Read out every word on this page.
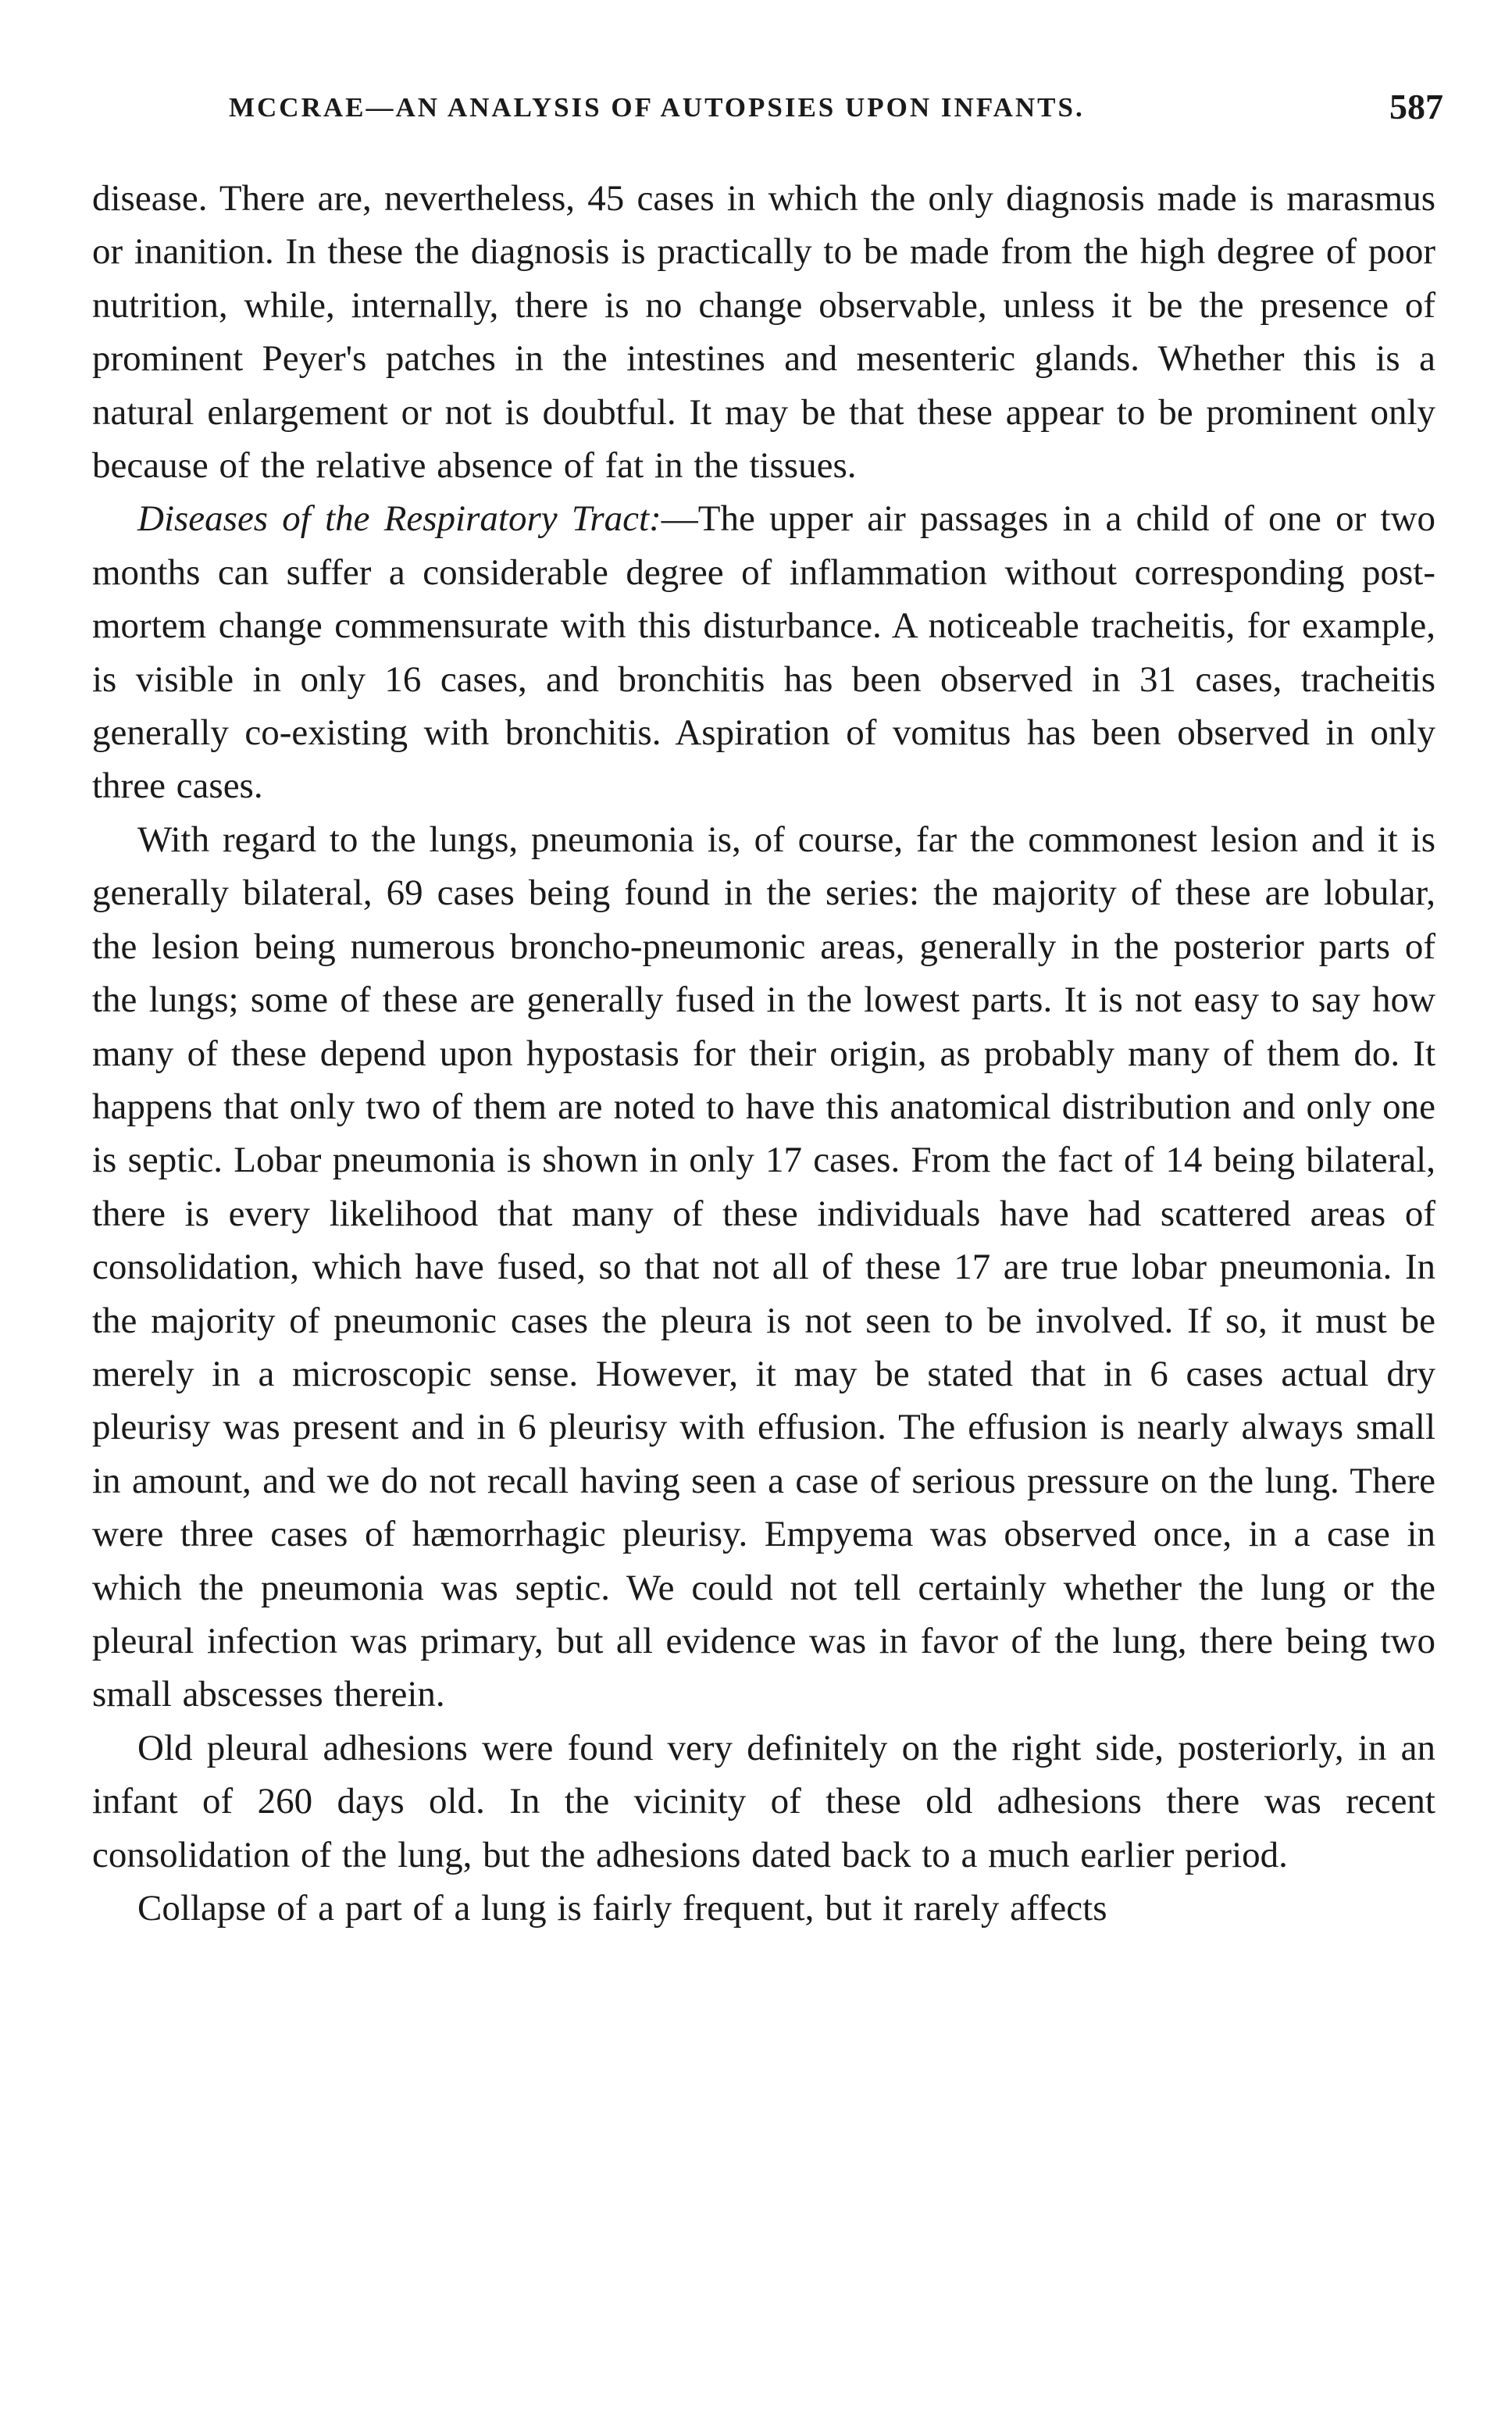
MCCRAE—AN ANALYSIS OF AUTOPSIES UPON INFANTS.	587

disease. There are, nevertheless, 45 cases in which the only diagnosis made is marasmus or inanition. In these the diagnosis is practically to be made from the high degree of poor nutrition, while, internally, there is no change observable, unless it be the presence of prominent Peyer's patches in the intestines and mesenteric glands. Whether this is a natural enlargement or not is doubtful. It may be that these appear to be prominent only because of the relative absence of fat in the tissues.

Diseases of the Respiratory Tract:—The upper air passages in a child of one or two months can suffer a considerable degree of inflammation without corresponding post-mortem change commensurate with this disturbance. A noticeable tracheitis, for example, is visible in only 16 cases, and bronchitis has been observed in 31 cases, tracheitis generally co-existing with bronchitis. Aspiration of vomitus has been observed in only three cases.

With regard to the lungs, pneumonia is, of course, far the commonest lesion and it is generally bilateral, 69 cases being found in the series: the majority of these are lobular, the lesion being numerous broncho-pneumonic areas, generally in the posterior parts of the lungs; some of these are generally fused in the lowest parts. It is not easy to say how many of these depend upon hypostasis for their origin, as probably many of them do. It happens that only two of them are noted to have this anatomical distribution and only one is septic. Lobar pneumonia is shown in only 17 cases. From the fact of 14 being bilateral, there is every likelihood that many of these individuals have had scattered areas of consolidation, which have fused, so that not all of these 17 are true lobar pneumonia. In the majority of pneumonic cases the pleura is not seen to be involved. If so, it must be merely in a microscopic sense. However, it may be stated that in 6 cases actual dry pleurisy was present and in 6 pleurisy with effusion. The effusion is nearly always small in amount, and we do not recall having seen a case of serious pressure on the lung. There were three cases of hæmorrhagic pleurisy. Empyema was observed once, in a case in which the pneumonia was septic. We could not tell certainly whether the lung or the pleural infection was primary, but all evidence was in favor of the lung, there being two small abscesses therein.

Old pleural adhesions were found very definitely on the right side, posteriorly, in an infant of 260 days old. In the vicinity of these old adhesions there was recent consolidation of the lung, but the adhesions dated back to a much earlier period.

Collapse of a part of a lung is fairly frequent, but it rarely affects
